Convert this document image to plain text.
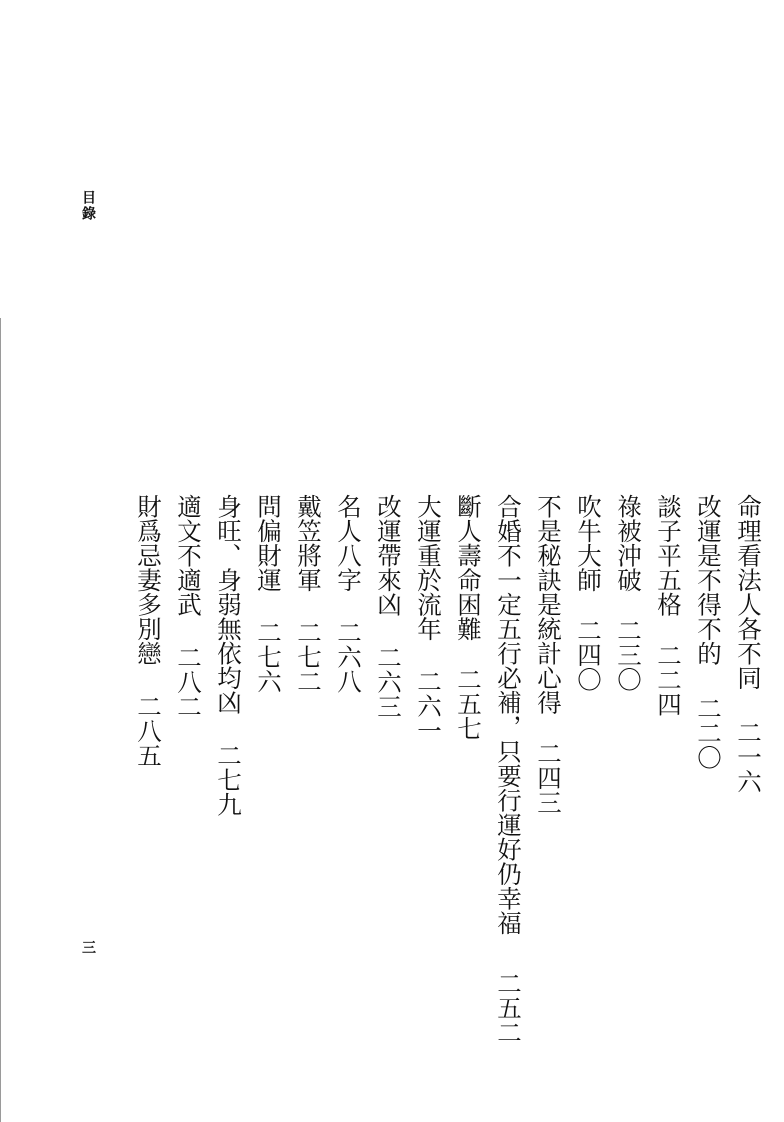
目錄
命理看法人各不同
二一六
改運是不得不的
二二〇
談子平五格
二二四
祿被沖破
二三〇
吹牛大師
二四〇
不是秘訣是統計心得
二四三
合婚不一定五行必補，只要行運好仍幸福
二五二
斷人壽命困難
二五七
大運重於流年
二六一
改運帶來凶
二六三
名人八字
二六八
戴笠將軍
二七二
問偏財運
二七六
身旺、身弱無依均凶
二七九
適文不適武
二八二
財爲忌妻多別戀
二八五
三
